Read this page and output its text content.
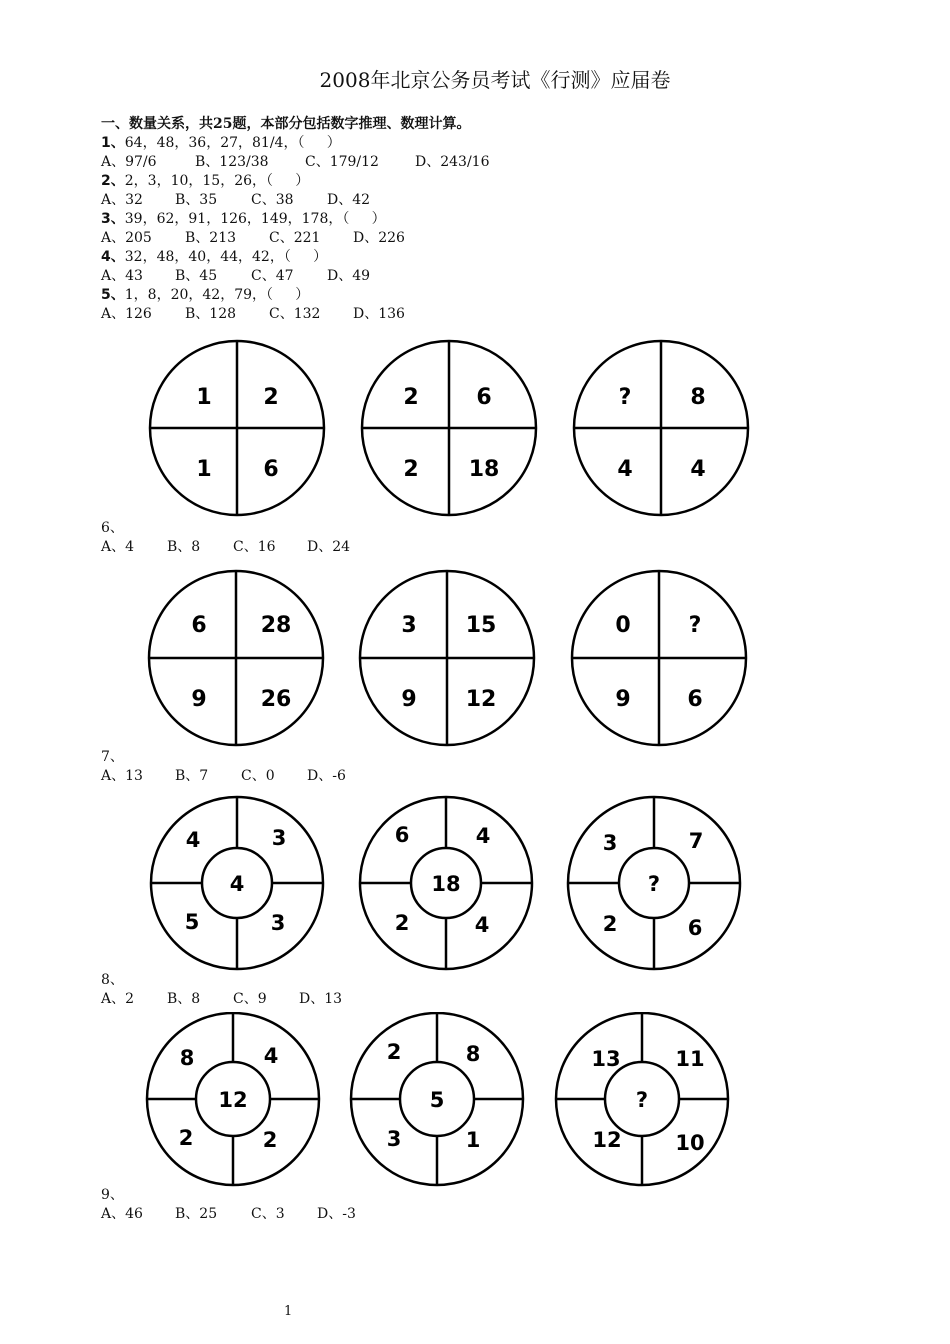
2008年北京公务员考试《行测》应届卷
一、数量关系，共25题，本部分包括数字推理、数理计算。
1、64，48，36，27，81/4，（     ）
A、97/6	B、123/38	C、179/12	D、243/16
2、2，3，10，15，26，（     ）
A、32 B、35 C、38 D、42
3、39，62，91，126，149，178，（     ）
A、205 B、213 C、221 D、226
4、32，48，40，44，42，（     ）
A、43 B、45 C、47 D、49
5、1，8，20，42，79，（     ）
A、126 B、128 C、132 D、136
1 2
1 6
2	6
2 18
?	8
4	4
6、
A、4 B、8 C、16 D、24
6 28
9 26
3 15
9 12
0	?
9	6
7、
A、13 B、7 C、0 D、-6
4	3
5	3
4
6	4
2	4
18
3	7
2	6
?
8、
A、2 B、8 C、9 D、13
8	4
2	2
12
2	8
3	1
5
13	11
12	10
?
9、
A、46 B、25 C、3 D、-3
1
